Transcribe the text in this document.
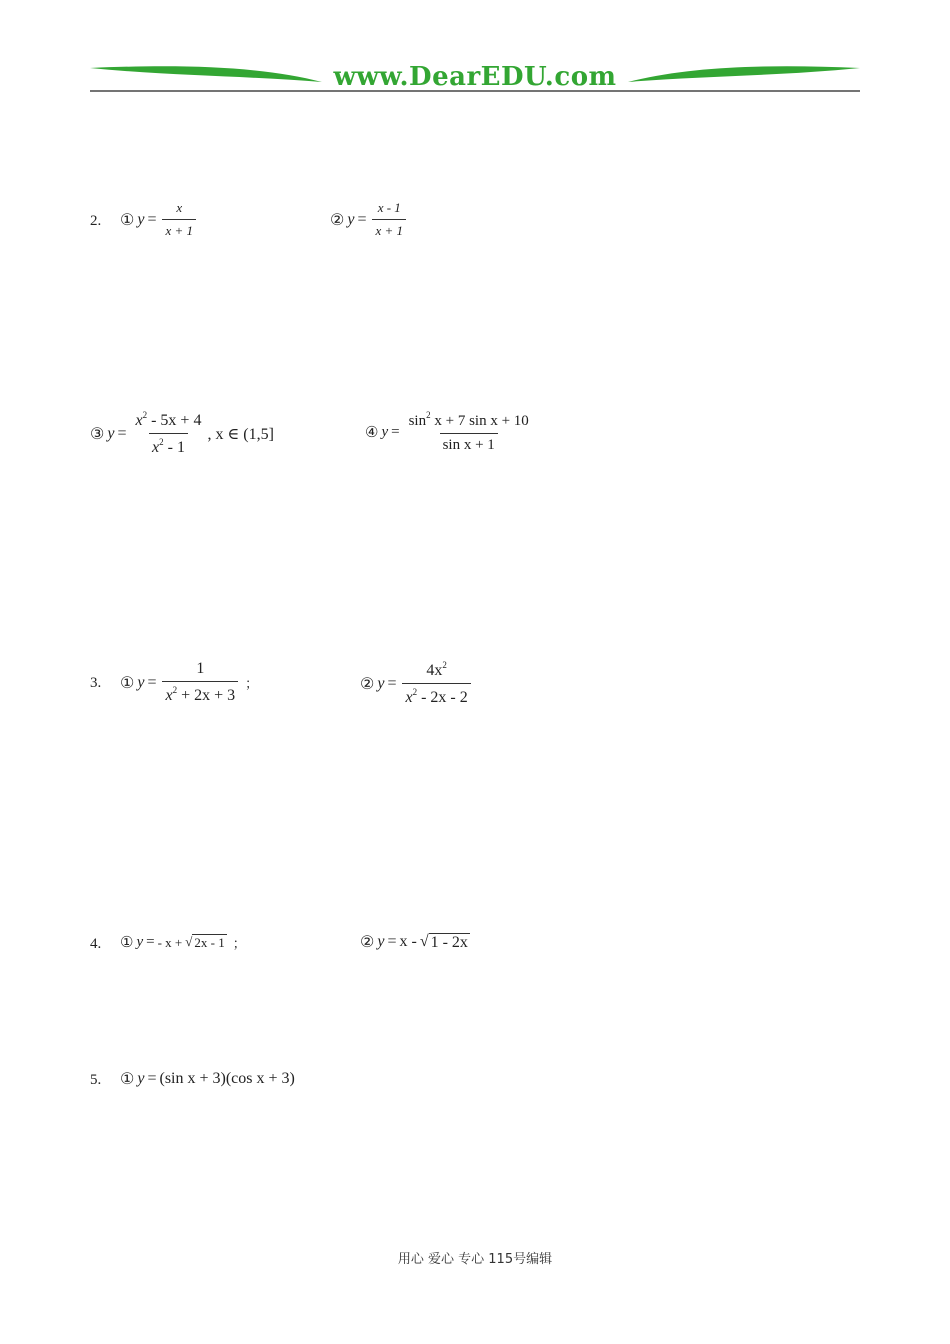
www.DearEDU.com
2. ① $y = \frac{x}{x + 1}$	② $y = \frac{x - 1}{x + 1}$
③ $y = \frac{x^2 - 5x + 4}{x^2 - 1}$ , x ∈ (1,5]	④ $y = \frac{\sin^2 x + 7 \sin x + 10}{\text{sin x + 1}}$
3. ① $y = \frac{1}{x^2 + 2x + 3}$ ；	② $y = \frac{4x^2}{x^2 - 2x - 2}$
4. ① y = - x + √ 2x - 1 ；	② y = x - √ 1 - 2x
5. ① y = (sin x + 3)(cos x + 3)
用心 爱心 专心 115号编辑
